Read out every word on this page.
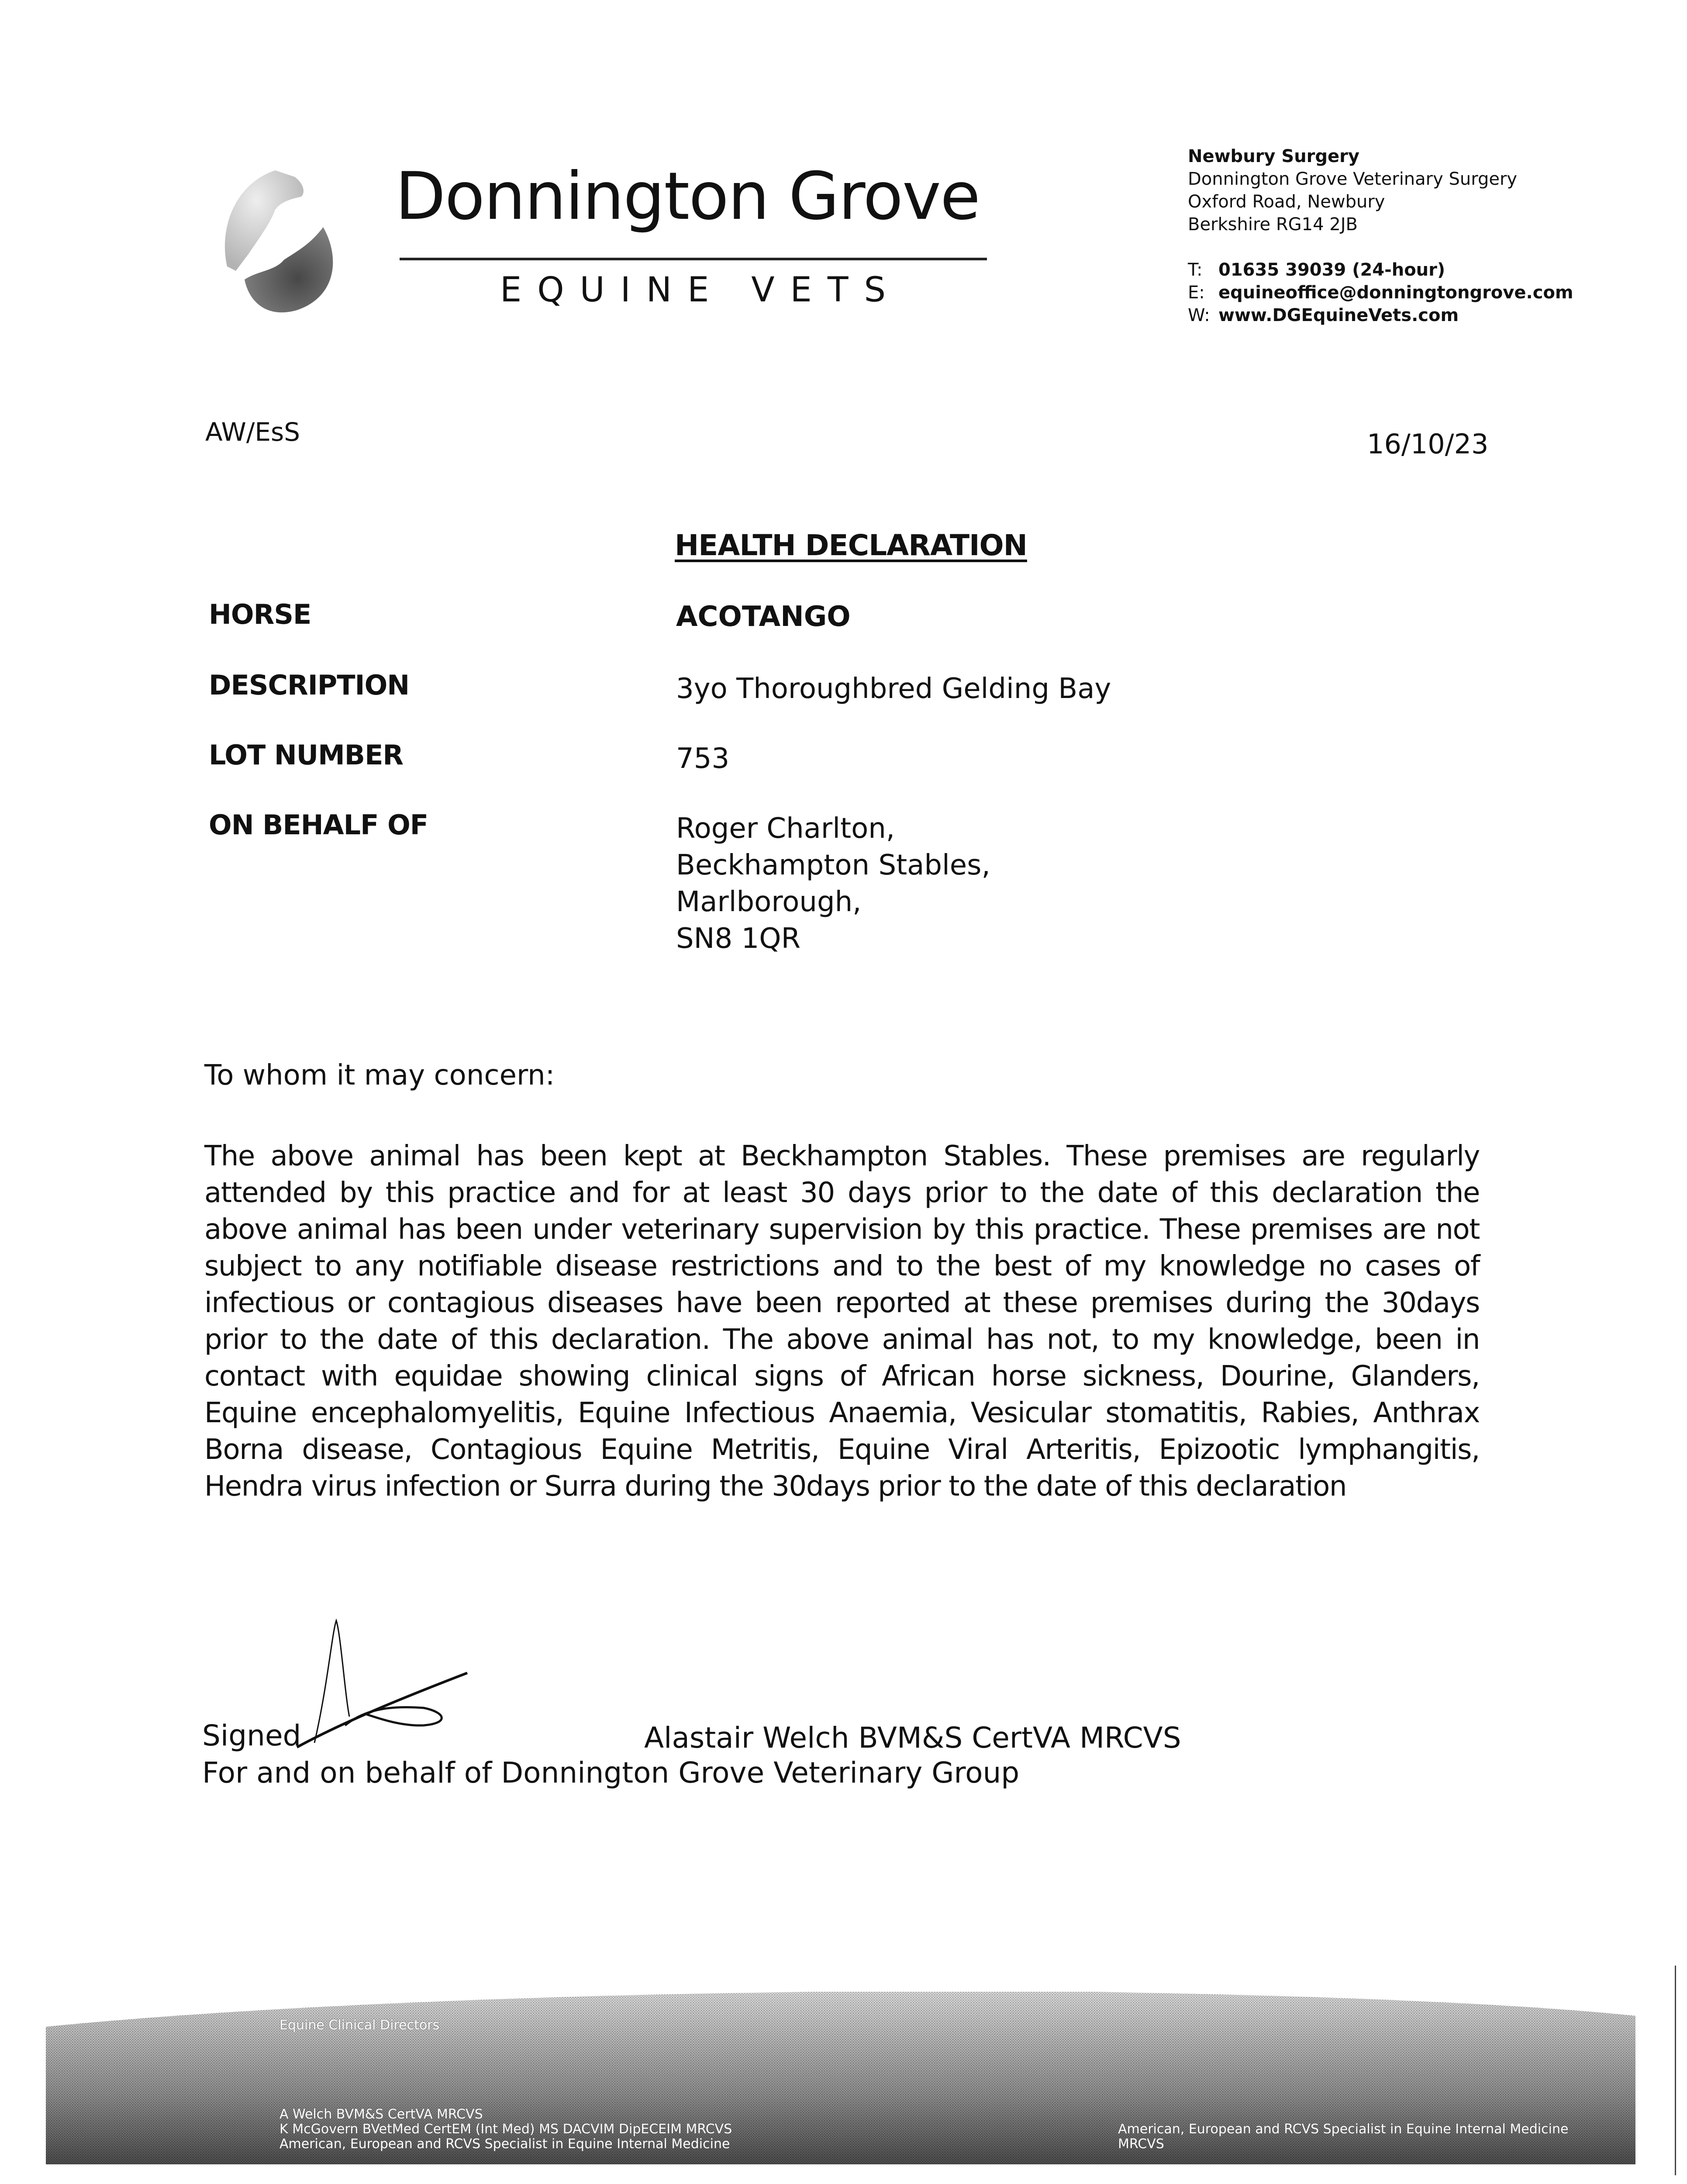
Donnington Grove
EQUINE VETS
Newbury Surgery
Donnington Grove Veterinary Surgery
Oxford Road, Newbury
Berkshire RG14 2JB
T: 01635 39039 (24-hour)
E: equineoffice@donningtongrove.com
W: www.DGEquineVets.com
AW/EsS	16/10/23
HEALTH DECLARATION
HORSE	ACOTANGO
DESCRIPTION	3yo Thoroughbred Gelding Bay
LOT NUMBER	753
ON BEHALF OF	Roger Charlton,
Beckhampton Stables,
Marlborough,
SN8 1QR
To whom it may concern:
The above animal has been kept at Beckhampton Stables. These premises are regularly attended by this practice and for at least 30 days prior to the date of this declaration the above animal has been under veterinary supervision by this practice. These premises are not subject to any notifiable disease restrictions and to the best of my knowledge no cases of infectious or contagious diseases have been reported at these premises during the 30days prior to the date of this declaration. The above animal has not, to my knowledge, been in contact with equidae showing clinical signs of African horse sickness, Dourine, Glanders, Equine encephalomyelitis, Equine Infectious Anaemia, Vesicular stomatitis, Rabies, Anthrax Borna disease, Contagious Equine Metritis, Equine Viral Arteritis, Epizootic lymphangitis, Hendra virus infection or Surra during the 30days prior to the date of this declaration
Signed	Alastair Welch BVM&S CertVA MRCVS
For and on behalf of Donnington Grove Veterinary Group
Equine Clinical Directors

A Welch BVM&S CertVA MRCVS
K McGovern BVetMed CertEM (Int Med) MS DACVIM DipECEIM MRCVS
American, European and RCVS Specialist in Equine Internal Medicine

American, European and RCVS Specialist in Equine Internal Medicine
MRCVS
